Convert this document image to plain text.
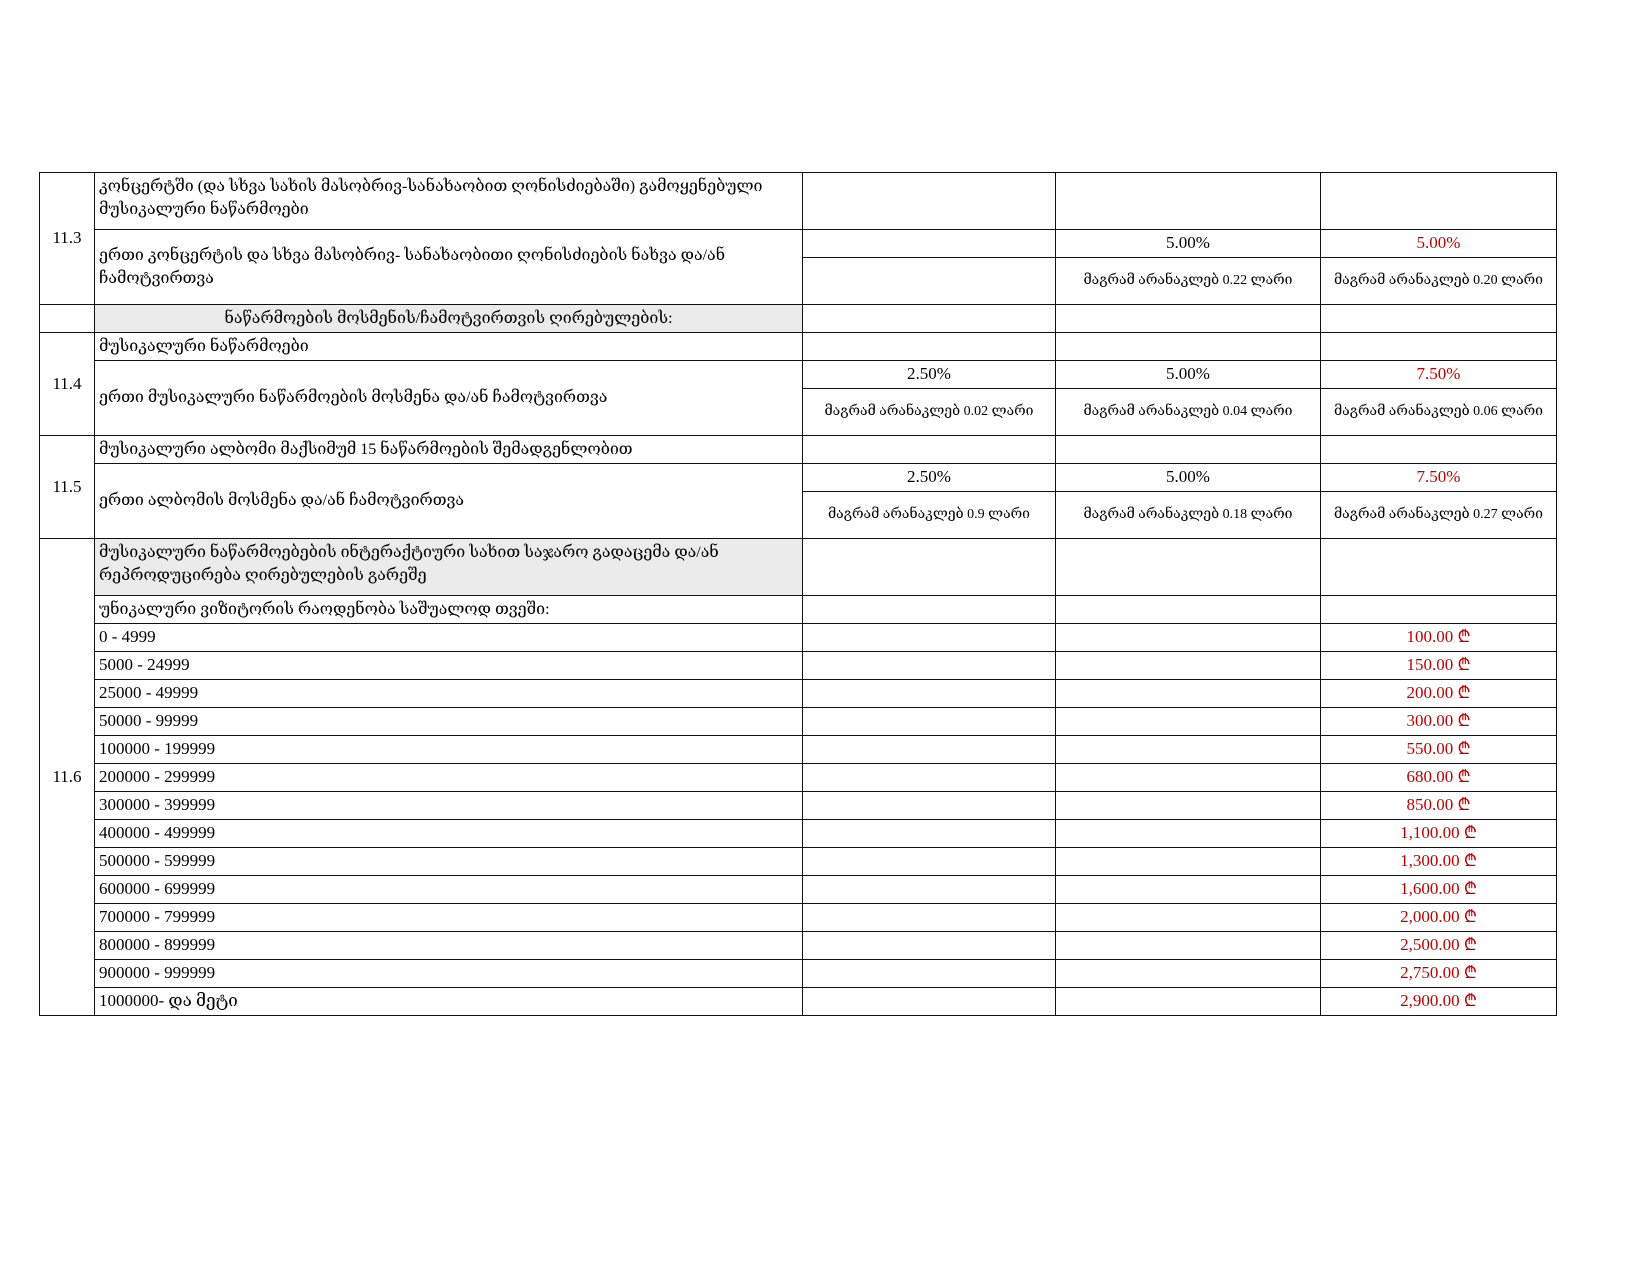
11.3	კონცერტში (და სხვა სახის მასობრივ-სანახაობით ღონისძიებაში) გამოყენებული მუსიკალური ნაწარმოები			
	ერთი კონცერტის და სხვა მასობრივ- სანახაობითი ღონისძიების ნახვა და/ან ჩამოტვირთვა		5.00%	5.00%
			მაგრამ არანაკლებ 0.22 ლარი	მაგრამ არანაკლებ 0.20 ლარი
	ნაწარმოების მოსმენის/ჩამოტვირთვის ღირებულების:			
11.4	მუსიკალური ნაწარმოები			
	ერთი მუსიკალური ნაწარმოების მოსმენა და/ან ჩამოტვირთვა	2.50%	5.00%	7.50%
		მაგრამ არანაკლებ 0.02 ლარი	მაგრამ არანაკლებ 0.04 ლარი	მაგრამ არანაკლებ 0.06 ლარი
11.5	მუსიკალური ალბომი მაქსიმუმ 15 ნაწარმოების შემადგენლობით			
	ერთი ალბომის მოსმენა და/ან ჩამოტვირთვა	2.50%	5.00%	7.50%
		მაგრამ არანაკლებ 0.9 ლარი	მაგრამ არანაკლებ 0.18 ლარი	მაგრამ არანაკლებ 0.27 ლარი
11.6	მუსიკალური ნაწარმოებების ინტერაქტიური სახით საჯარო გადაცემა და/ან რეპროდუცირება ღირებულების გარეშე			
	უნიკალური ვიზიტორის რაოდენობა საშუალოდ თვეში:			
	0 - 4999			100.00 ₾
	5000 - 24999			150.00 ₾
	25000 - 49999			200.00 ₾
	50000 - 99999			300.00 ₾
	100000 - 199999			550.00 ₾
	200000 - 299999			680.00 ₾
	300000 - 399999			850.00 ₾
	400000 - 499999			1,100.00 ₾
	500000 - 599999			1,300.00 ₾
	600000 - 699999			1,600.00 ₾
	700000 - 799999			2,000.00 ₾
	800000 - 899999			2,500.00 ₾
	900000 - 999999			2,750.00 ₾
	1000000- და მეტი			2,900.00 ₾
